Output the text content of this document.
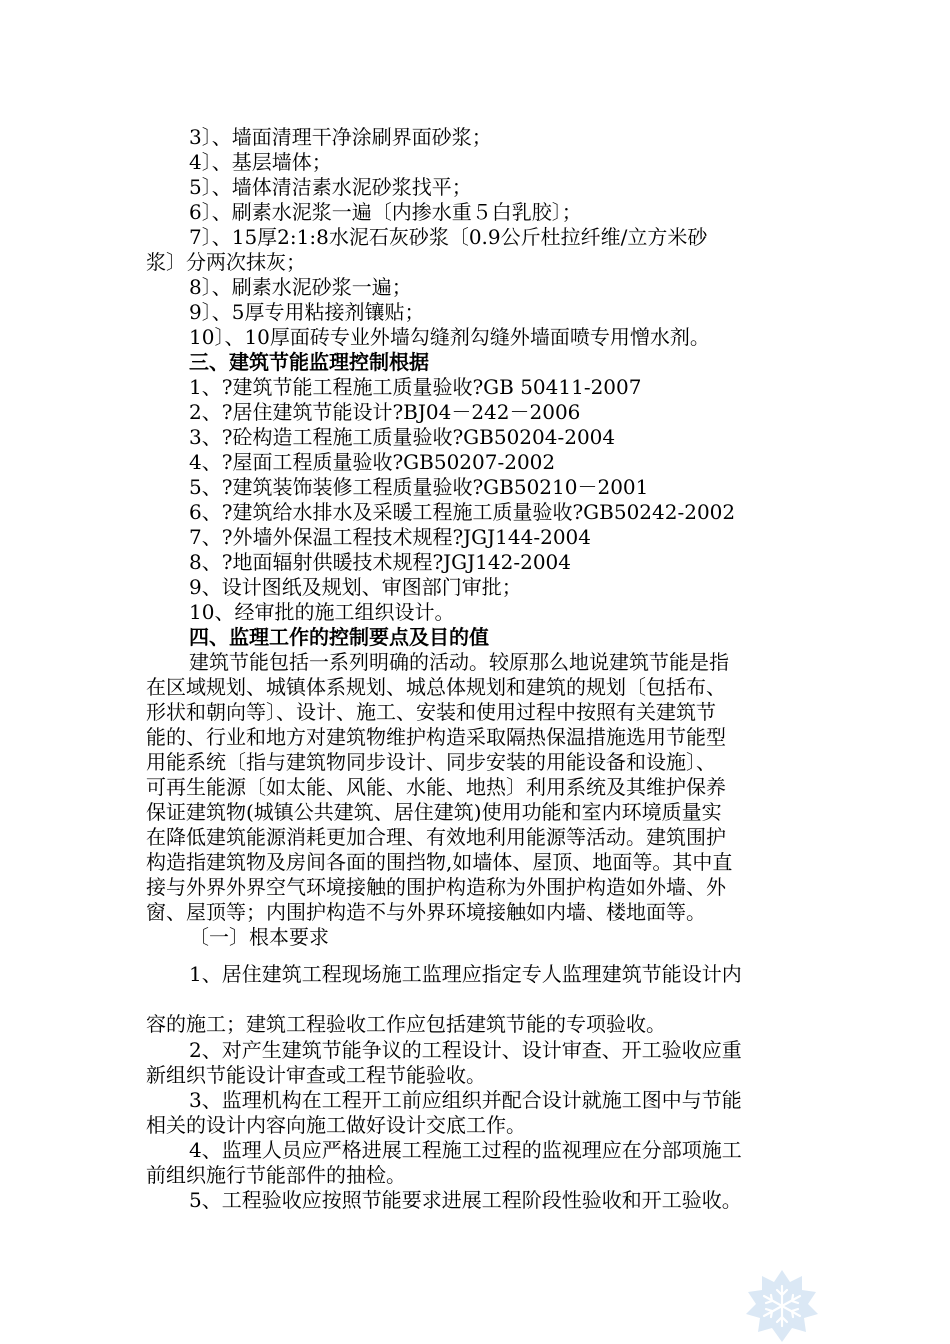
3〕、墙面清理干净涂刷界面砂浆；
4〕、基层墙体；
5〕、墙体清洁素水泥砂浆找平；
6〕、刷素水泥浆一遍〔内掺水重５白乳胶〕；
7〕、15厚2:1:8水泥石灰砂浆〔0.9公斤杜拉纤维/立方米砂
浆〕分两次抹灰；
8〕、刷素水泥砂浆一遍；
9〕、5厚专用粘接剂镶贴；
10〕、10厚面砖专业外墙勾缝剂勾缝外墙面喷专用憎水剂。
三、建筑节能监理控制根据
1、?建筑节能工程施工质量验收?GB 50411-2007
2、?居住建筑节能设计?BJ04－242－2006
3、?砼构造工程施工质量验收?GB50204-2004
4、?屋面工程质量验收?GB50207-2002
5、?建筑装饰装修工程质量验收?GB50210－2001
6、?建筑给水排水及采暖工程施工质量验收?GB50242-2002
7、?外墙外保温工程技术规程?JGJ144-2004
8、?地面辐射供暖技术规程?JGJ142-2004
9、设计图纸及规划、审图部门审批；
10、经审批的施工组织设计。
四、监理工作的控制要点及目的值
建筑节能包括一系列明确的活动。较原那么地说建筑节能是指
在区域规划、城镇体系规划、城总体规划和建筑的规划〔包括布、
形状和朝向等〕、设计、施工、安装和使用过程中按照有关建筑节
能的、行业和地方对建筑物维护构造采取隔热保温措施选用节能型
用能系统〔指与建筑物同步设计、同步安装的用能设备和设施〕、
可再生能源〔如太能、风能、水能、地热〕利用系统及其维护保养
保证建筑物(城镇公共建筑、居住建筑)使用功能和室内环境质量实
在降低建筑能源消耗更加合理、有效地利用能源等活动。建筑围护
构造指建筑物及房间各面的围挡物,如墙体、屋顶、地面等。其中直
接与外界外界空气环境接触的围护构造称为外围护构造如外墙、外
窗、屋顶等；内围护构造不与外界环境接触如内墙、楼地面等。
〔一〕根本要求
1、居住建筑工程现场施工监理应指定专人监理建筑节能设计内
容的施工；建筑工程验收工作应包括建筑节能的专项验收。
2、对产生建筑节能争议的工程设计、设计审查、开工验收应重
新组织节能设计审查或工程节能验收。
3、监理机构在工程开工前应组织并配合设计就施工图中与节能
相关的设计内容向施工做好设计交底工作。
4、监理人员应严格进展工程施工过程的监视理应在分部项施工
前组织施行节能部件的抽检。
5、工程验收应按照节能要求进展工程阶段性验收和开工验收。
